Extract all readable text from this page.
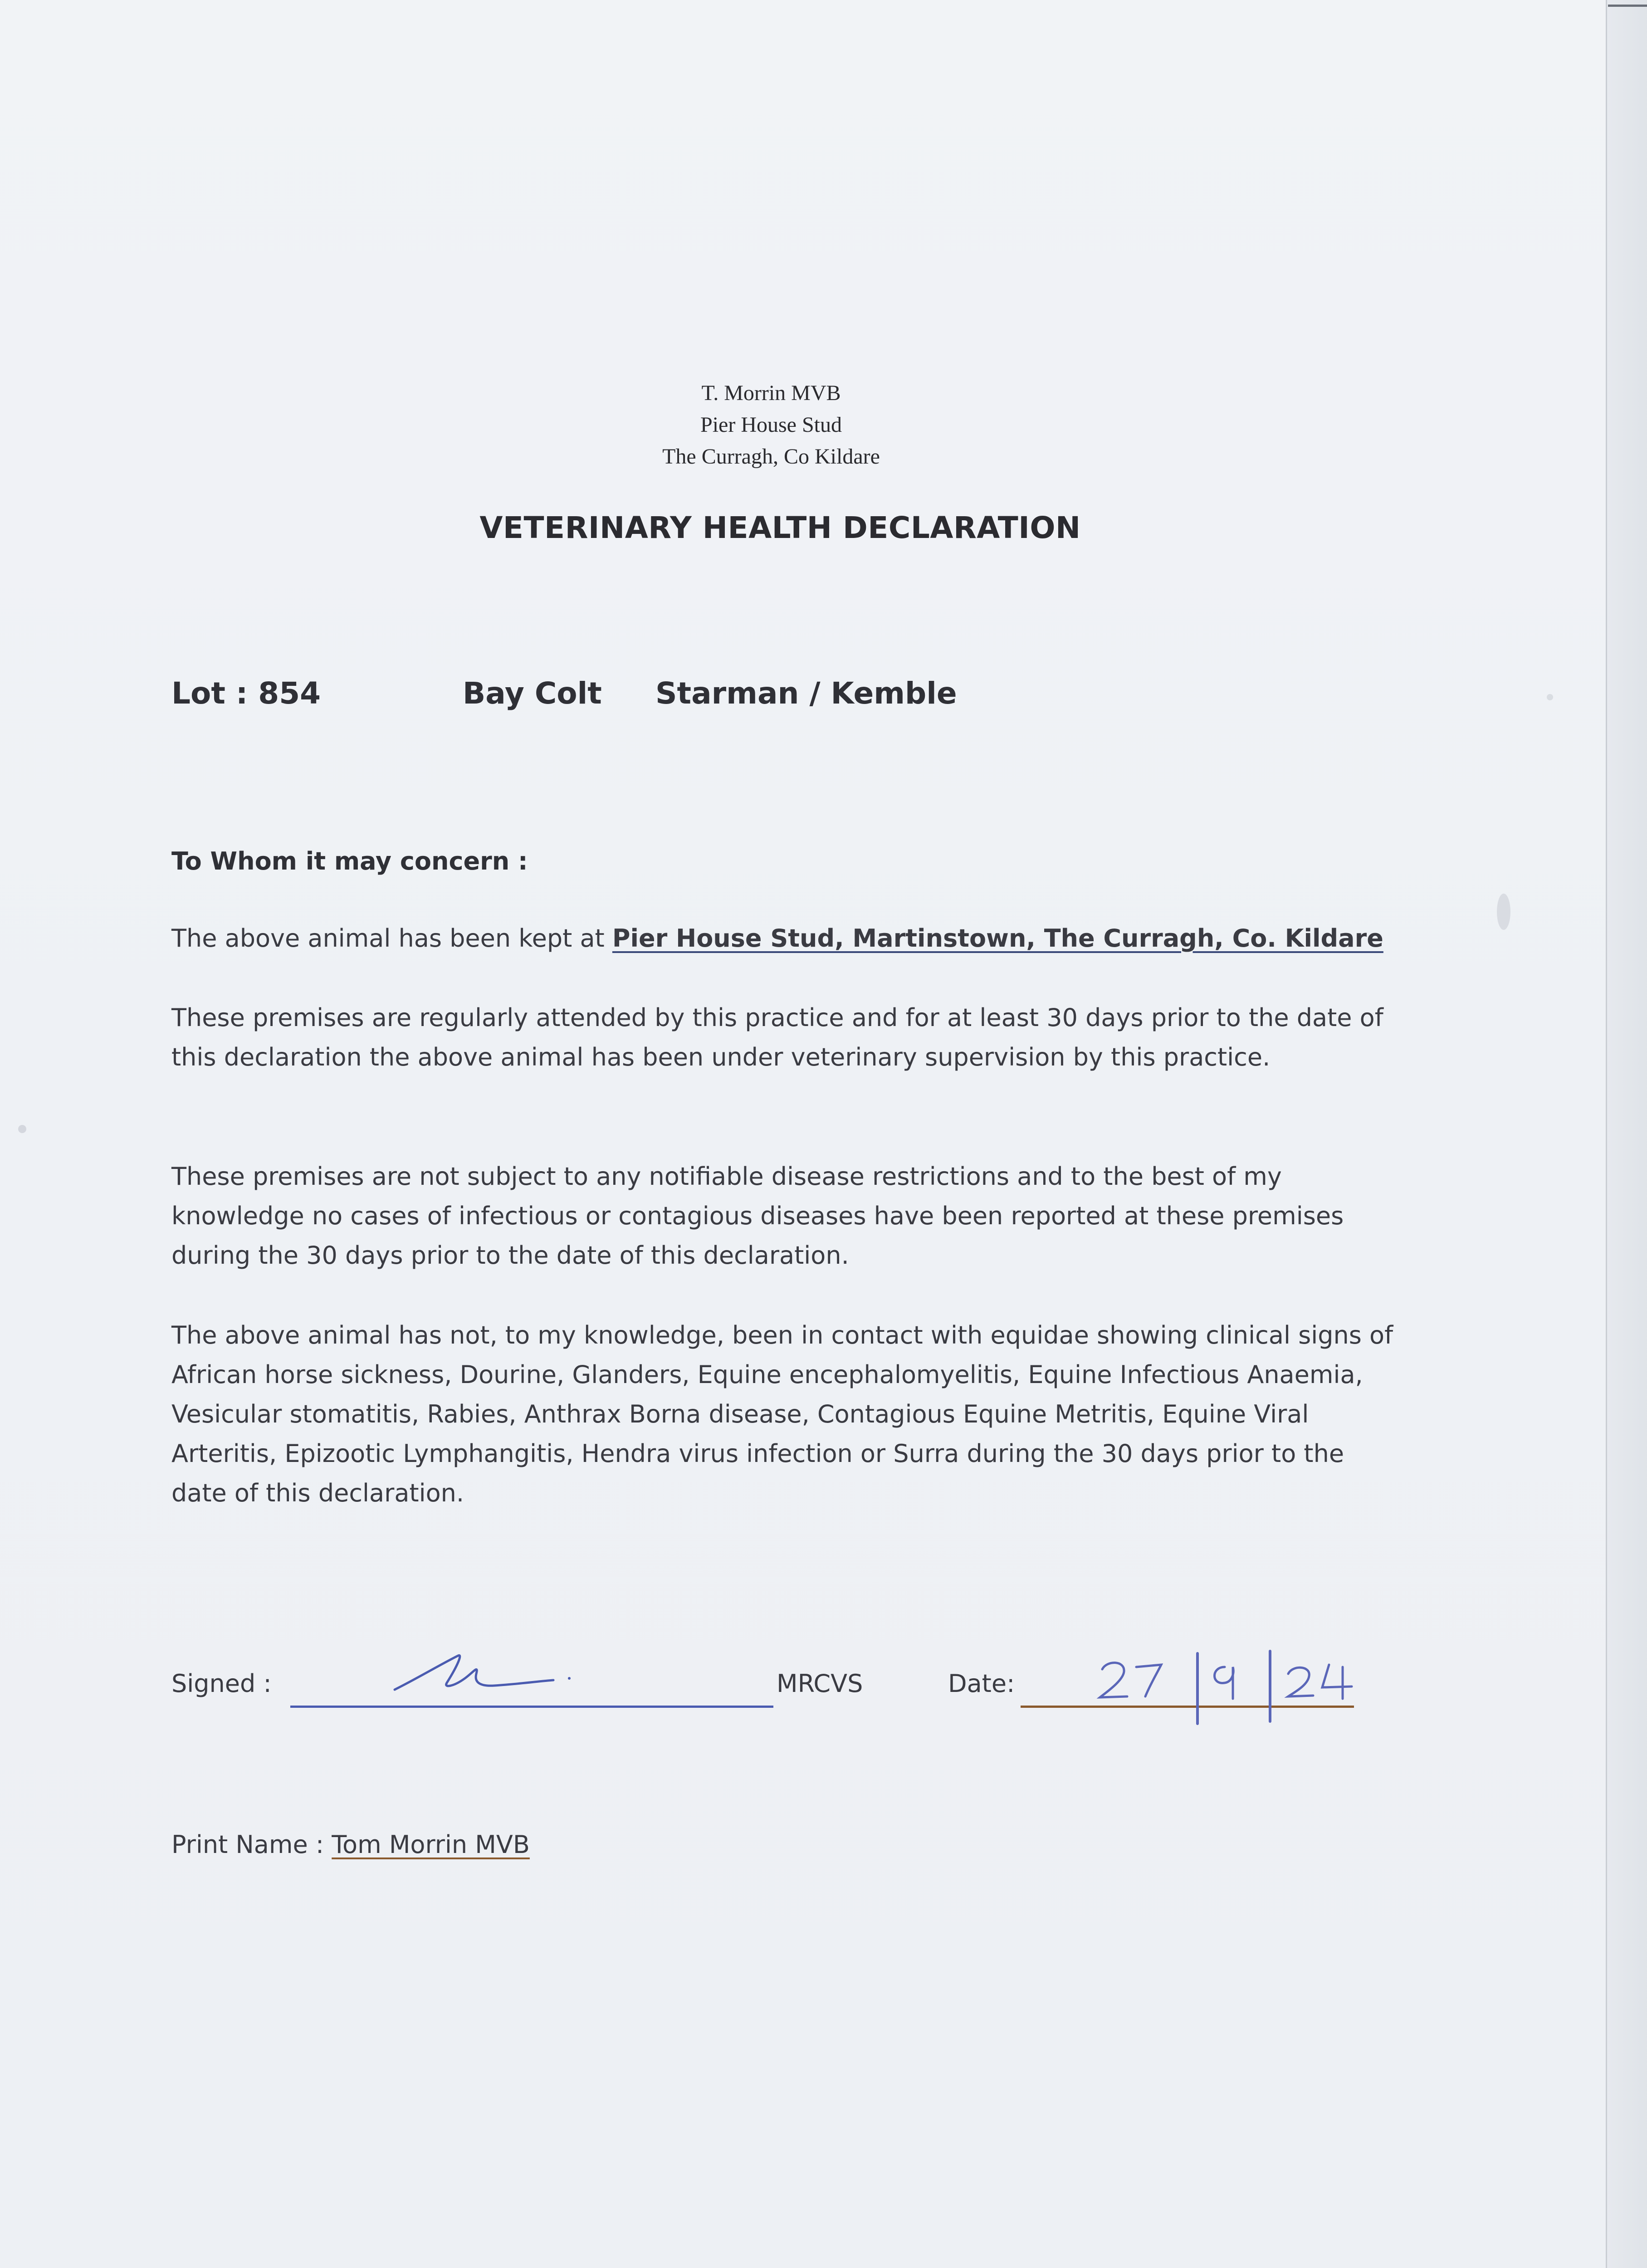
T. Morrin MVB
Pier House Stud
The Curragh, Co Kildare
VETERINARY HEALTH DECLARATION
Lot : 854	Bay Colt Starman / Kemble
To Whom it may concern :
The above animal has been kept at Pier House Stud, Martinstown, The Curragh, Co. Kildare
These premises are regularly attended by this practice and for at least 30 days prior to the date of this declaration the above animal has been under veterinary supervision by this practice.
These premises are not subject to any notifiable disease restrictions and to the best of my knowledge no cases of infectious or contagious diseases have been reported at these premises during the 30 days prior to the date of this declaration.
The above animal has not, to my knowledge, been in contact with equidae showing clinical signs of African horse sickness, Dourine, Glanders, Equine encephalomyelitis, Equine Infectious Anaemia, Vesicular stomatitis, Rabies, Anthrax Borna disease, Contagious Equine Metritis, Equine Viral Arteritis, Epizootic Lymphangitis, Hendra virus infection or Surra during the 30 days prior to the date of this declaration.
Signed :	MRCVS	Date:
Print Name : Tom Morrin MVB
